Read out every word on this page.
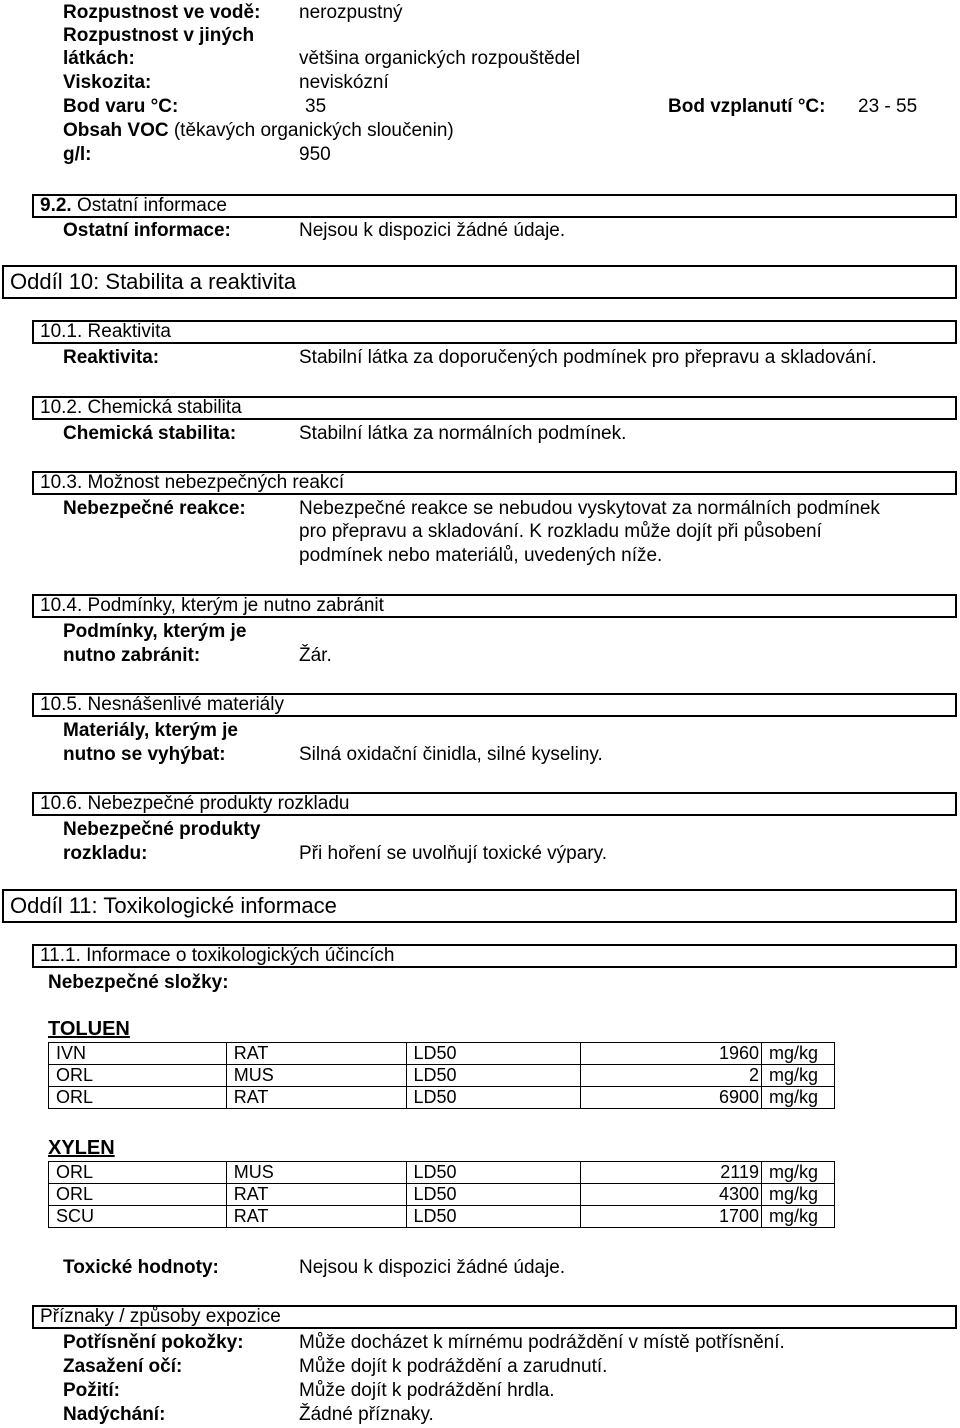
Rozpustnost ve vodě: nerozpustný
Rozpustnost v jiných
látkách:	většina organických rozpouštědel
Viskozita:	neviskózní
Bod varu °C:	35	Bod vzplanutí °C: 23 - 55
Obsah VOC (těkavých organických sloučenin)
g/l:	950
9.2. Ostatní informace
Ostatní informace:	Nejsou k dispozici žádné údaje.
Oddíl 10: Stabilita a reaktivita
10.1. Reaktivita
Reaktivita:	Stabilní látka za doporučených podmínek pro přepravu a skladování.
10.2. Chemická stabilita
Chemická stabilita:	Stabilní látka za normálních podmínek.
10.3. Možnost nebezpečných reakcí
Nebezpečné reakce:	Nebezpečné reakce se nebudou vyskytovat za normálních podmínek
pro přepravu a skladování. K rozkladu může dojít při působení
podmínek nebo materiálů, uvedených níže.
10.4. Podmínky, kterým je nutno zabránit
Podmínky, kterým je
nutno zabránit:	Žár.
10.5. Nesnášenlivé materiály
Materiály, kterým je
nutno se vyhýbat:	Silná oxidační činidla, silné kyseliny.
10.6. Nebezpečné produkty rozkladu
Nebezpečné produkty
rozkladu:	Při hoření se uvolňují toxické výpary.
Oddíl 11: Toxikologické informace
11.1. Informace o toxikologických účincích
Nebezpečné složky:
TOLUEN
IVN	RAT	LD50	1960	mg/kg
ORL	MUS	LD50	2	mg/kg
ORL	RAT	LD50	6900	mg/kg
XYLEN
ORL	MUS	LD50	2119	mg/kg
ORL	RAT	LD50	4300	mg/kg
SCU	RAT	LD50	1700	mg/kg
Toxické hodnoty:	Nejsou k dispozici žádné údaje.
Příznaky / způsoby expozice
Potřísnění pokožky:	Může docházet k mírnému podráždění v místě potřísnění.
Zasažení očí:	Může dojít k podráždění a zarudnutí.
Požití:	Může dojít k podráždění hrdla.
Nadýchání:	Žádné příznaky.
